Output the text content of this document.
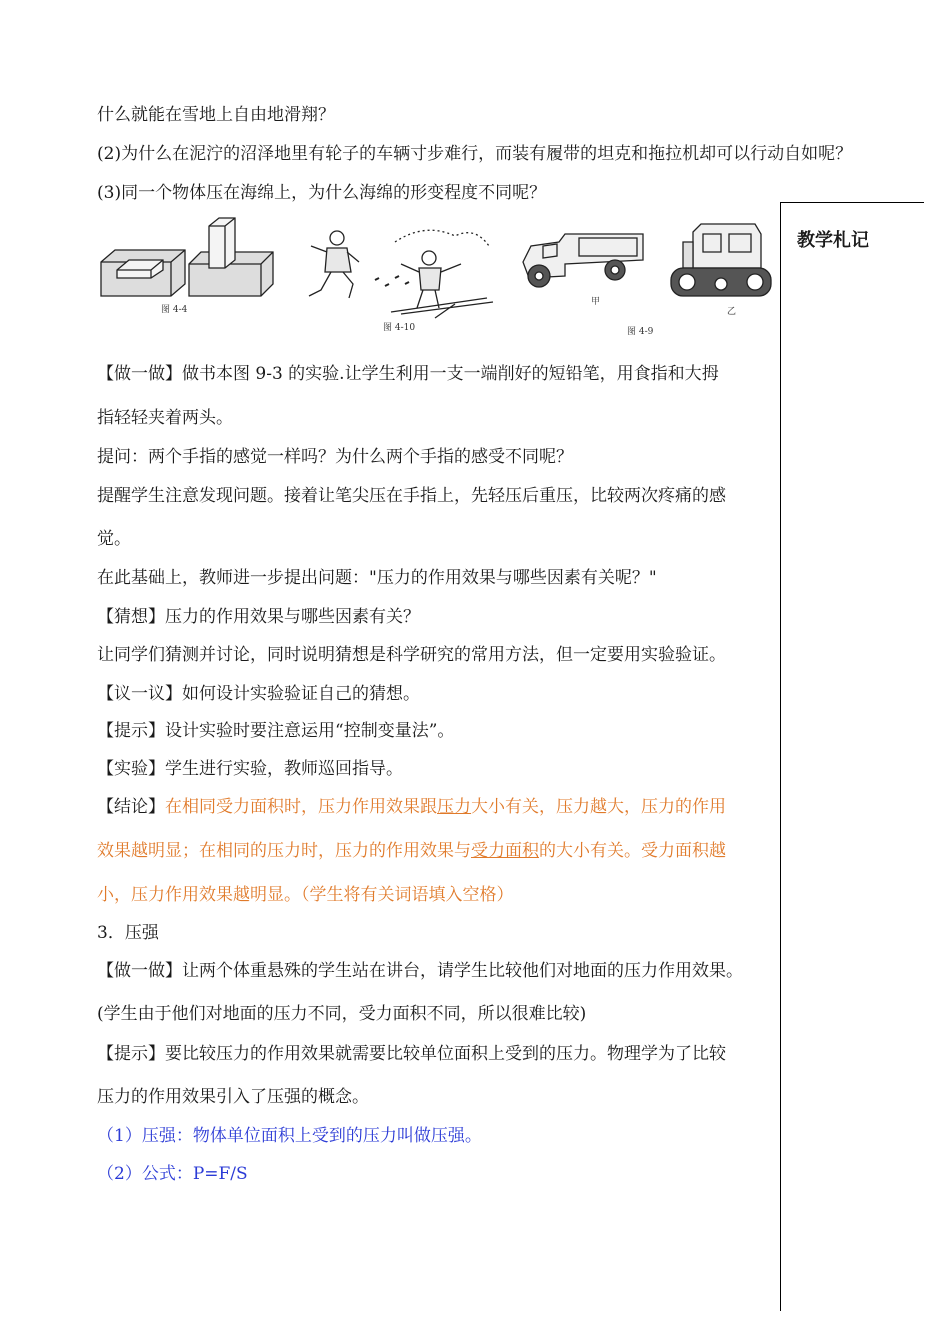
什么就能在雪地上自由地滑翔？
(2)为什么在泥泞的沼泽地里有轮子的车辆寸步难行，而装有履带的坦克和拖拉机却可以行动自如呢？
(3)同一个物体压在海绵上，为什么海绵的形变程度不同呢？
教学札记
图 4-4
图 4-10
甲
乙
图 4-9
【做一做】做书本图 9-3 的实验.让学生利用一支一端削好的短铅笔，用食指和大拇
指轻轻夹着两头。
提问：两个手指的感觉一样吗？为什么两个手指的感受不同呢？
提醒学生注意发现问题。接着让笔尖压在手指上，先轻压后重压，比较两次疼痛的感
觉。
在此基础上，教师进一步提出问题："压力的作用效果与哪些因素有关呢？"
【猜想】压力的作用效果与哪些因素有关？
让同学们猜测并讨论，同时说明猜想是科学研究的常用方法，但一定要用实验验证。
【议一议】如何设计实验验证自己的猜想。
【提示】设计实验时要注意运用“控制变量法”。
【实验】学生进行实验，教师巡回指导。
【结论】在相同受力面积时，压力作用效果跟压力大小有关，压力越大，压力的作用
效果越明显；在相同的压力时，压力的作用效果与受力面积的大小有关。受力面积越
小，压力作用效果越明显。（学生将有关词语填入空格）
3．压强
【做一做】让两个体重悬殊的学生站在讲台，请学生比较他们对地面的压力作用效果。
(学生由于他们对地面的压力不同，受力面积不同，所以很难比较)
【提示】要比较压力的作用效果就需要比较单位面积上受到的压力。物理学为了比较
压力的作用效果引入了压强的概念。
（1）压强：物体单位面积上受到的压力叫做压强。
（2）公式：P=F/S
